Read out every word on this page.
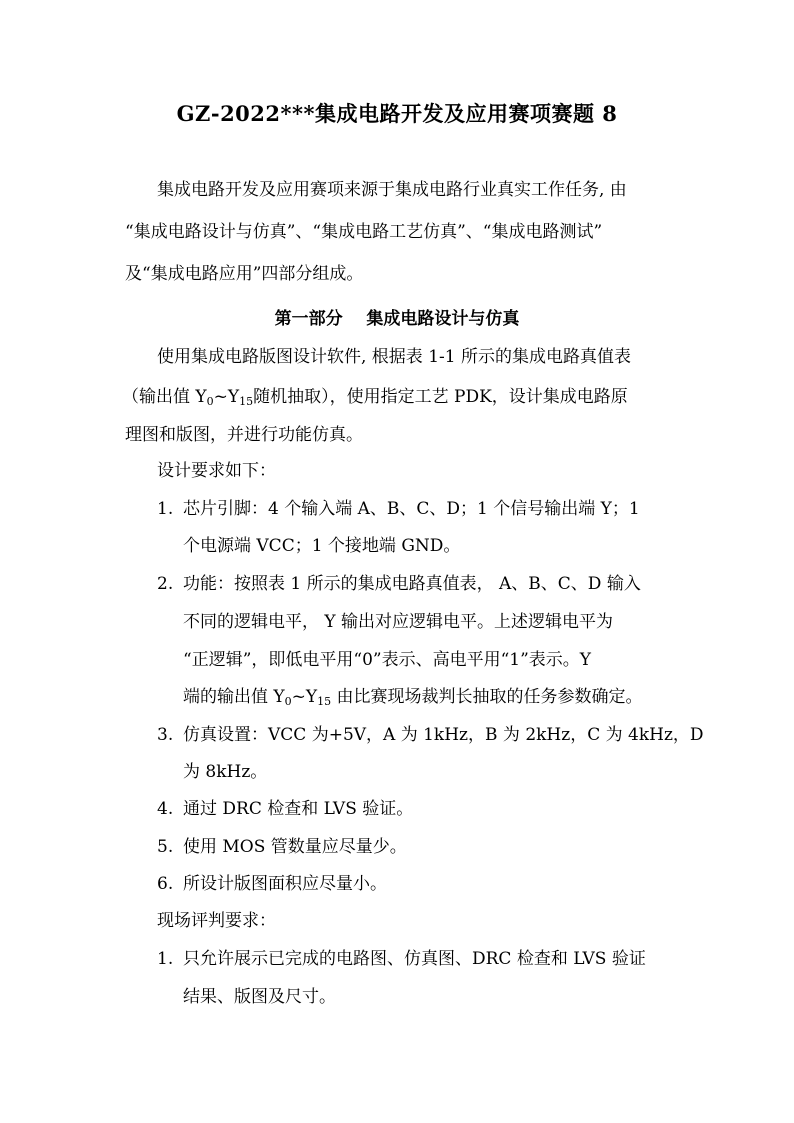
GZ-2022***集成电路开发及应用赛项赛题 8
集成电路开发及应用赛项来源于集成电路行业真实工作任务, 由
“集成电路设计与仿真”、“集成电路工艺仿真”、“集成电路测试”
及“集成电路应用”四部分组成。
第一部分    集成电路设计与仿真
使用集成电路版图设计软件, 根据表 1-1 所示的集成电路真值表
（输出值 $Y_0\sim Y_{15}$随机抽取），使用指定工艺 PDK，设计集成电路原
理图和版图，并进行功能仿真。
设计要求如下：
1. 芯片引脚：4 个输入端 A、B、C、D；1 个信号输出端 Y；1
个电源端 VCC；1 个接地端 GND。
2. 功能：按照表 1 所示的集成电路真值表， A、B、C、D 输入
不同的逻辑电平， Y 输出对应逻辑电平。上述逻辑电平为
“正逻辑”，即低电平用“0”表示、高电平用“1”表示。Y
端的输出值 $Y_0\sim Y_{15}$ 由比赛现场裁判长抽取的任务参数确定。
3. 仿真设置：VCC 为+5V，A 为 1kHz，B 为 2kHz，C 为 4kHz，D
为 8kHz。
4. 通过 DRC 检查和 LVS 验证。
5. 使用 MOS 管数量应尽量少。
6. 所设计版图面积应尽量小。
现场评判要求：
1. 只允许展示已完成的电路图、仿真图、DRC 检查和 LVS 验证
结果、版图及尺寸。
